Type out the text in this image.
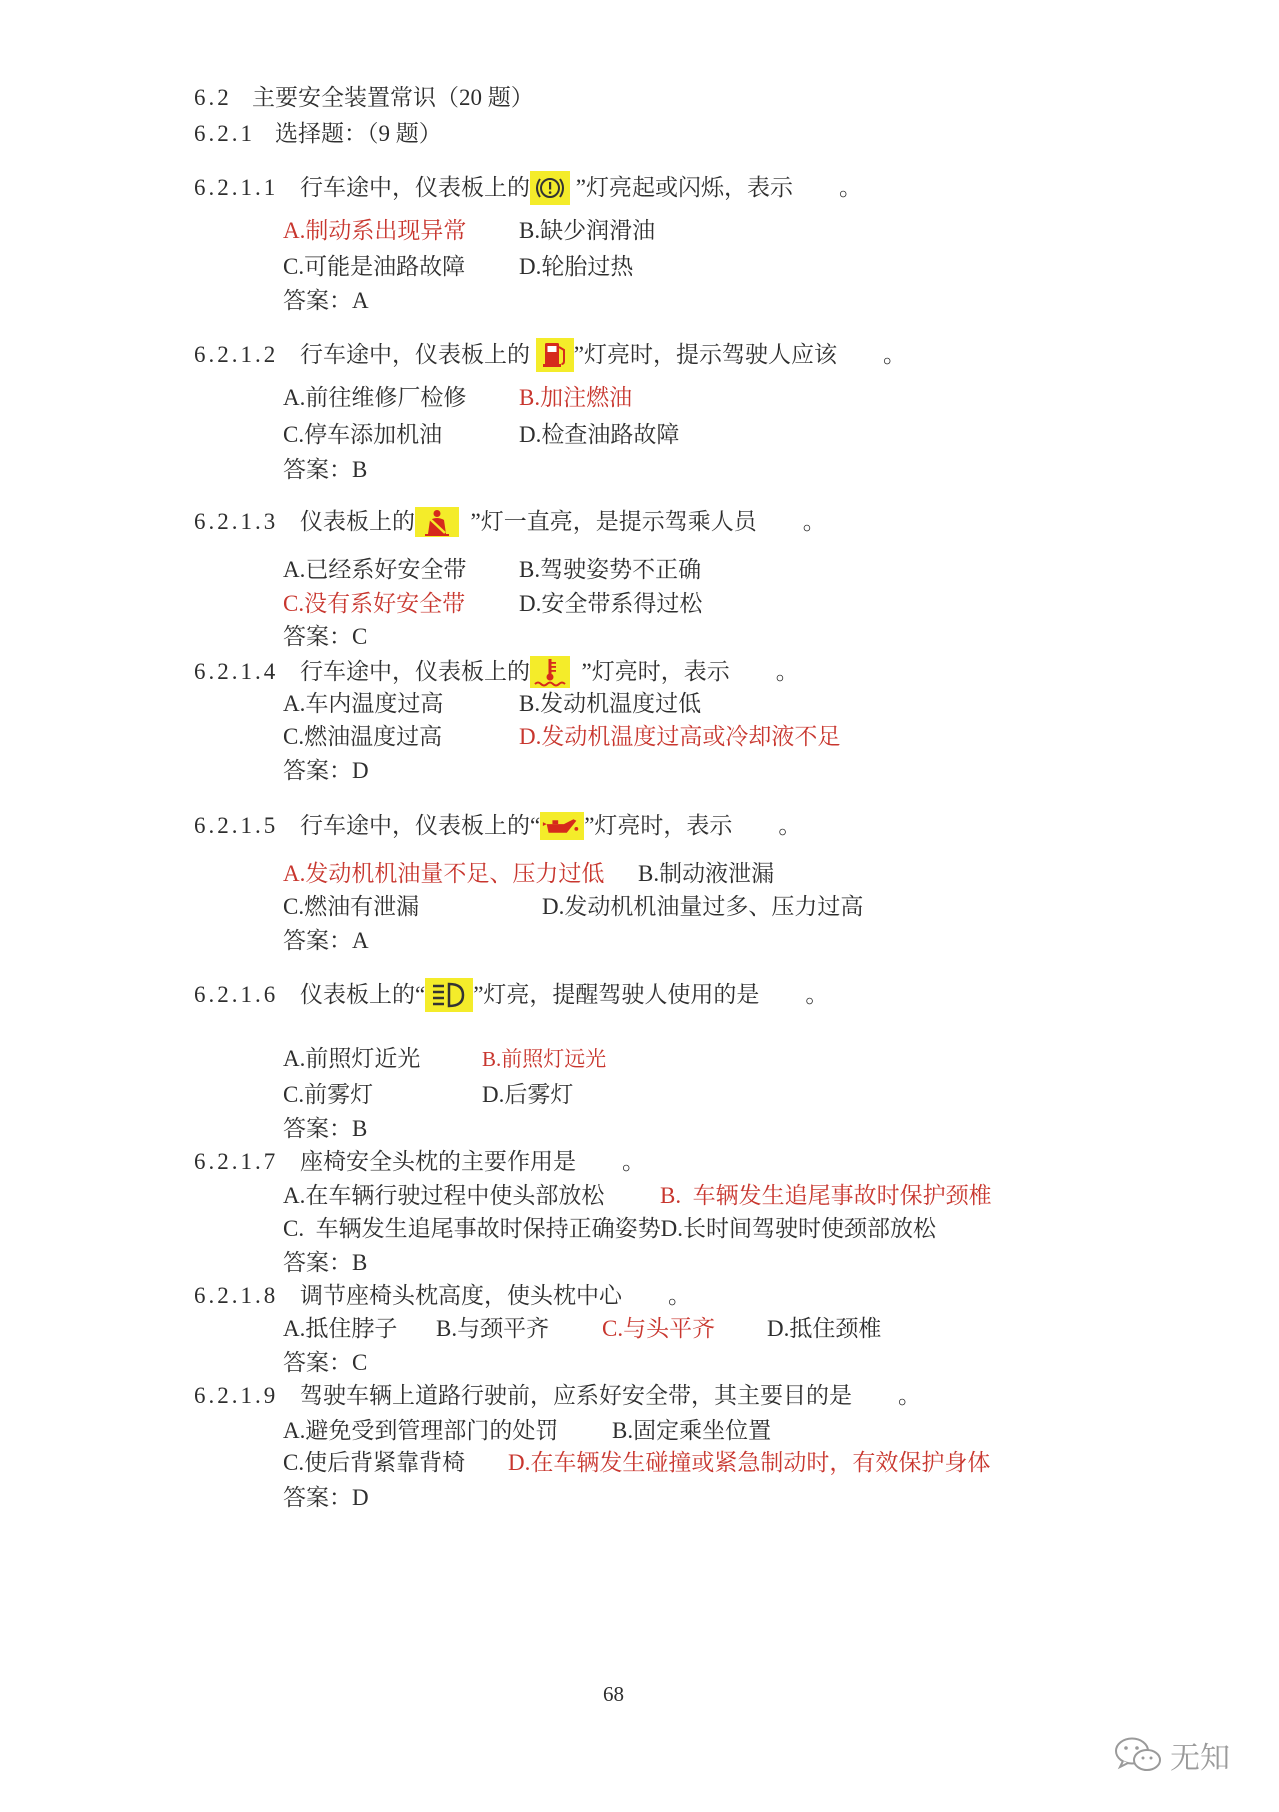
6.2 主要安全装置常识（20 题）
6.2.1 选择题：（9 题）
6.2.1.1 行车途中，仪表板上的
”灯亮起或闪烁，表示　　。
A.制动系出现异常 B.缺少润滑油
C.可能是油路故障 D.轮胎过热
答案：A
6.2.1.2 行车途中，仪表板上的
”灯亮时，提示驾驶人应该　　。
A.前往维修厂检修 B.加注燃油
C.停车添加机油	D.检查油路故障
答案：B
6.2.1.3 仪表板上的
”灯一直亮，是提示驾乘人员　　。
A.已经系好安全带 B.驾驶姿势不正确
C.没有系好安全带 D.安全带系得过松
答案：C
6.2.1.4 行车途中，仪表板上的
”灯亮时，表示　　。
A.车内温度过高	B.发动机温度过低
C.燃油温度过高	D.发动机温度过高或冷却液不足
答案：D
6.2.1.5 行车途中，仪表板上的“ ”灯亮时，表示　　。
A.发动机机油量不足、压力过低 B.制动液泄漏
C.燃油有泄漏	D.发动机机油量过多、压力过高
答案：A
6.2.1.6 仪表板上的“ ”灯亮，提醒驾驶人使用的是　　。
A.前照灯近光	B.前照灯远光
C.前雾灯	D.后雾灯
答案：B
6.2.1.7 座椅安全头枕的主要作用是　　。
A.在车辆行驶过程中使头部放松 B.  车辆发生追尾事故时保护颈椎
C.  车辆发生追尾事故时保持正确姿势D.长时间驾驶时使颈部放松
答案：B
6.2.1.8 调节座椅头枕高度，使头枕中心　　。
A.抵住脖子 B.与颈平齐 C.与头平齐 D.抵住颈椎
答案：C
6.2.1.9 驾驶车辆上道路行驶前，应系好安全带，其主要目的是　　。
A.避免受到管理部门的处罚 B.固定乘坐位置
C.使后背紧靠背椅 D.在车辆发生碰撞或紧急制动时，有效保护身体
答案：D
68
无知
